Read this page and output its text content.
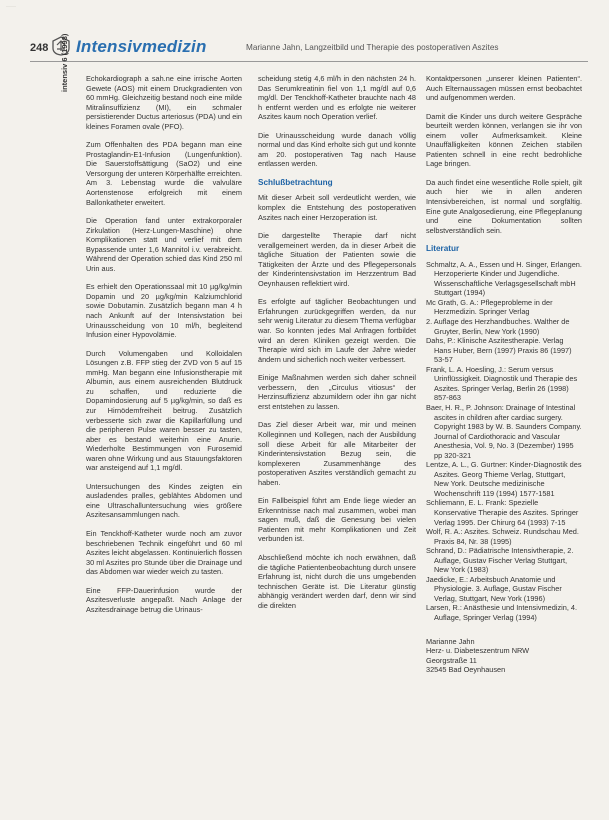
·····
248 Intensivmedizin	Marianne Jahn, Langzeitbild und Therapie des postoperativen Aszites
intensiv 6 (1998) Echokardiograph a sah.ne eine irrische Aorten Gewete (AOS) mit einem Druckgradienten von 60 mmHg. Gleichzeitig bestand noch eine milde Mitralinsuffizienz (MI), ein schmaler persistierender Ductus arteriosus (PDA) und ein kleines Foramen ovale (PFO).

Zum Offenhalten des PDA begann man eine Prostaglandin-E1-Infusion (Lungenfunktion). Die Sauerstoffsättigung (SaO2) und eine Versorgung der unteren Körperhälfte erreichten. Am 3. Lebenstag wurde die valvuläre Aortenstenose erfolgreich mit einem Ballonkatheter erweitert.

Die Operation fand unter extrakorporaler Zirkulation (Herz-Lungen-Maschine) ohne Komplikationen statt und verlief mit dem Bypassende unter 1,6 Mannitol i.v. verabreicht. Während der Operation schied das Kind 250 ml Urin aus.

Es erhielt den Operationssaal mit 10 µg/kg/min Dopamin und 20 µg/kg/min Kalziumchlorid sowie Dobutamin. Zusätzlich begann man 4 h nach Ankunft auf der Intensivstation bei Urinausscheidung von 10 ml/h, begleitend Infusion einer Hypovolämie.

Durch Volumengaben und Kolloidalen Lösungen z.B. FFP stieg der ZVD von 5 auf 15 mmHg. Man begann eine Infusionstherapie mit Albumin, aus einem ausreichenden Blutdruck zu schaffen, und reduzierte die Dopamindosierung auf 5 µg/kg/min, so daß es zur Hirnödemfreiheit beitrug. Zusätzlich verbesserte sich zwar die Kapillarfüllung und die peripheren Pulse waren besser zu tasten, aber es bestand weiterhin eine Anurie. Wiederholte Bestimmungen von Furosemid waren ohne Wirkung und aus Stauungsfaktoren war ansteigend auf 1,1 mg/dl.

Untersuchungen des Kindes zeigten ein ausladendes pralles, geblähtes Abdomen und eine Ultraschalluntersuchung wies größere Aszitesansammlungen nach.

Ein Tenckhoff-Katheter wurde noch am zuvor beschriebenen Technik eingeführt und 60 ml Aszites leicht abgelassen. Kontinuierlich flossen 30 ml Aszites pro Stunde über die Drainage und das Abdomen war wieder weich zu tasten.

Eine FFP-Dauerinfusion wurde der Aszitesverluste angepaßt. Nach Anlage der Aszitesdrainage betrug die Urinaus-

scheidung stetig 4,6 ml/h in den nächsten 24 h. Das Serumkreatinin fiel von 1,1 mg/dl auf 0,6 mg/dl. Der Tenckhoff-Katheter brauchte nach 48 h entfernt werden und es erfolgte nie weiterer Aszites kaum noch Operation verlief.

Die Urinausscheidung wurde danach völlig normal und das Kind erholte sich gut und konnte am 20. postoperativen Tag nach Hause entlassen werden.

Schlußbetrachtung

Mit dieser Arbeit soll verdeutlicht werden, wie komplex die Entstehung des postoperativen Aszites nach einer Herzoperation ist.

Die dargestellte Therapie darf nicht verallgemeinert werden, da in dieser Arbeit die tägliche Situation der Patienten sowie die Tätigkeiten der Ärzte und des Pflegepersonals der Kinderintensivstation im Herzzentrum Bad Oeynhausen reflektiert wird.

Es erfolgte auf täglicher Beobachtungen und Erfahrungen zurückgegriffen werden, da nur sehr wenig Literatur zu diesem Thema verfügbar war. So konnten jedes Mal Anfragen fortbildet wird an deren Kliniken gezeigt werden. Die Therapie wird sich im Laufe der Jahre wieder ändern und sicherlich noch weiter verbessert.

Einige Maßnahmen werden sich daher schneil verbessern, den „Circulus vitiosus“ der Herzinsuffizienz abzumildern oder ihn gar nicht erst entstehen zu lassen.

Das Ziel dieser Arbeit war, mir und meinen Kolleginnen und Kollegen, nach der Ausbildung soll diese Arbeit für alle Mitarbeiter der Kinderintensivstation Bezug sein, die komplexeren Zusammenhänge des postoperativen Aszites verständlich gemacht zu haben.

Ein Fallbeispiel führt am Ende liege wieder an Erkenntnisse nach mal zusammen, wobei man sagen muß, daß die Genesung bei vielen Patienten mit mehr Komplikationen und Zeit verbunden ist.

Abschließend möchte ich noch erwähnen, daß die tägliche Patientenbeobachtung durch unsere Erfahrung ist, nicht durch die uns umgebenden technischen Geräte ist. Die Literatur günstig abhängig verändert werden darf, denn wir sind die direkten

Kontaktpersonen „unserer kleinen Patienten“. Auch Elternaussagen müssen ernst beobachtet und aufgenommen werden.

Damit die Kinder uns durch weitere Gespräche beurteilt werden können, verlangen sie ihr von einem voller Aufmerksamkeit. Kleine Unauffälligkeiten können Zeichen stabilen Patienten schnell in eine recht bedrohliche Lage bringen.

Da auch findet eine wesentliche Rolle spielt, gilt auch hier wie in allen anderen Intensivbereichen, ist normal und sorgfältig. Eine gute Analgosedierung, eine Pflegeplanung und eine Dokumentation sollten selbstverständlich sein.

Literatur
Schmaltz, A. A., Essen und H. Singer, Erlangen. Herzoperierte Kinder und Jugendliche. Wissenschaftliche Verlagsgesellschaft mbH Stuttgart (1994)
Mc Grath, G. A.: Pflegeprobleme in der Herzmedizin. Springer Verlag
2. Auflage des Herzhandbuches. Walther de Gruyter, Berlin, New York (1990)
Dahs, P.: Klinische Aszitestherapie. Verlag Hans Huber, Bern (1997) Praxis 86 (1997) 53-57
Frank, L. A. Hoesling, J.: Serum versus Urinflüssigkeit. Diagnostik und Therapie des Aszites. Springer Verlag, Berlin 26 (1998) 857-863
Baer, H. R., P. Johnson: Drainage of Intestinal ascites in children after cardiac surgery. Copyright 1983 by W. B. Saunders Company. Journal of Cardiothoracic and Vascular Anesthesia, Vol. 9, No. 3 (Dezember) 1995 pp 320-321
Lentze, A. L., G. Gurtner: Kinder-Diagnostik des Aszites. Georg Thieme Verlag, Stuttgart, New York. Deutsche medizinische Wochenschrift 119 (1994) 1577-1581
Schliemann, E. L. Frank: Spezielle Konservative Therapie des Aszites. Springer Verlag 1995. Der Chirurg 64 (1993) 7-15
Wolf, R. A.: Aszites. Schweiz. Rundschau Med. Praxis 84, Nr. 38 (1995)
Schrand, D.: Pädiatrische Intensivtherapie, 2. Auflage, Gustav Fischer Verlag Stuttgart, New York (1983)
Jaedicke, E.: Arbeitsbuch Anatomie und Physiologie. 3. Auflage, Gustav Fischer Verlag, Stuttgart, New York (1996)
Larsen, R.: Anästhesie und Intensivmedizin, 4. Auflage, Springer Verlag (1994)

Marianne Jahn

Herz- u. Diabeteszentrum NRW

Georgstraße 11

32545 Bad Oeynhausen
